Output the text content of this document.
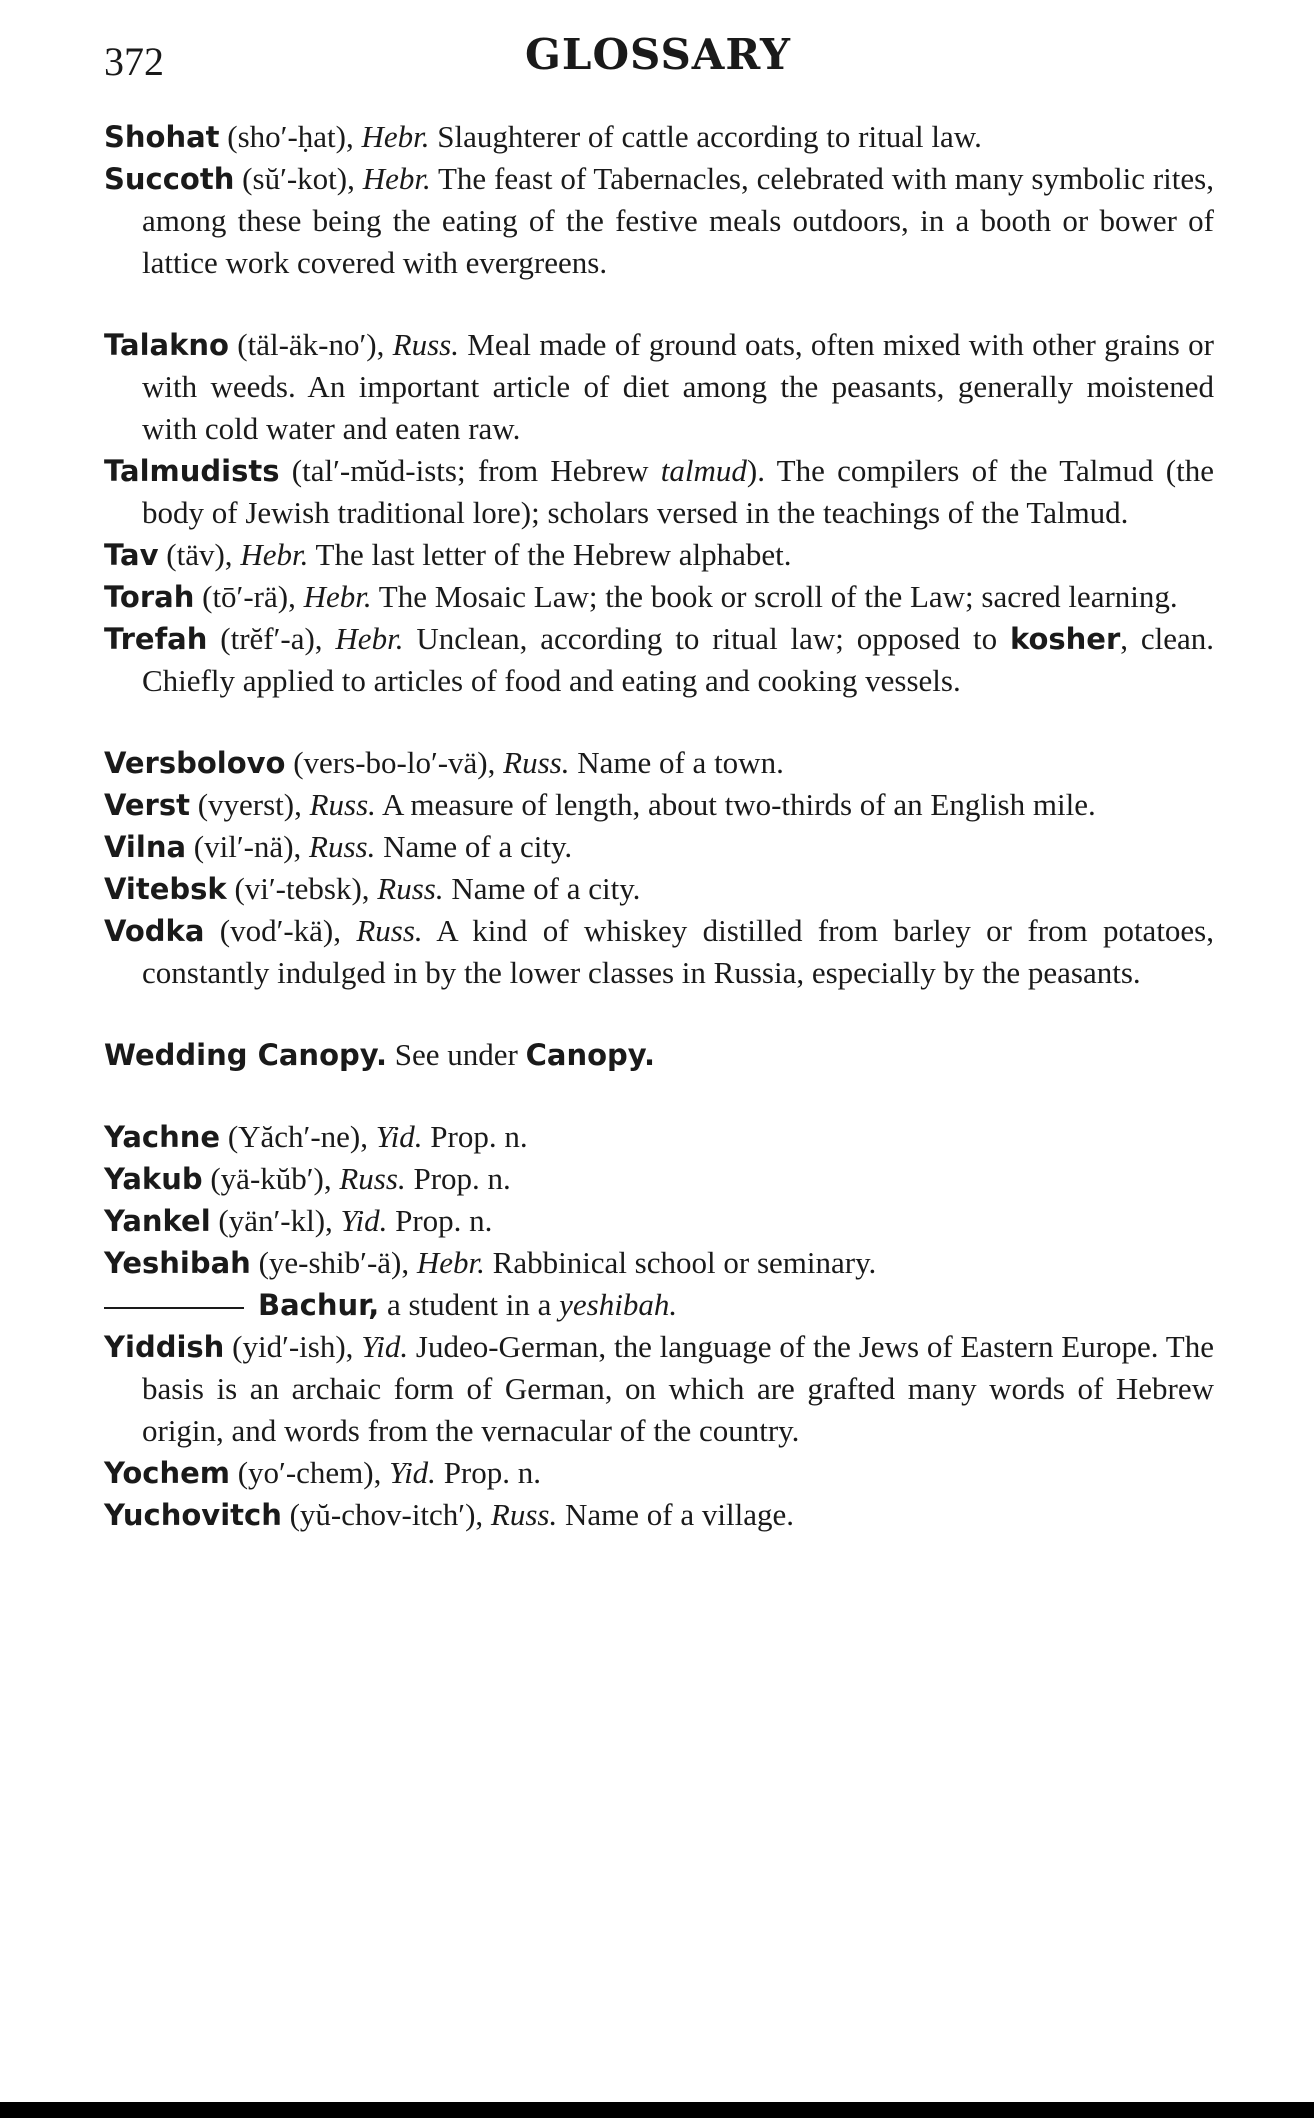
372	GLOSSARY

Shohat (sho′-ḥat), Hebr. Slaughterer of cattle according to ritual law.

Succoth (sŭ′-kot), Hebr. The feast of Tabernacles, celebrated with many symbolic rites, among these being the eating of the festive meals outdoors, in a booth or bower of lattice work covered with evergreens.

Talakno (täl-äk-no′), Russ. Meal made of ground oats, often mixed with other grains or with weeds. An important article of diet among the peasants, generally moistened with cold water and eaten raw.

Talmudists (tal′-mŭd-ists; from Hebrew talmud). The compilers of the Talmud (the body of Jewish traditional lore); scholars versed in the teachings of the Talmud.

Tav (täv), Hebr. The last letter of the Hebrew alphabet.

Torah (tō′-rä), Hebr. The Mosaic Law; the book or scroll of the Law; sacred learning.

Trefah (trĕf′-a), Hebr. Unclean, according to ritual law; opposed to kosher, clean. Chiefly applied to articles of food and eating and cooking vessels.

Versbolovo (vers-bo-lo′-vä), Russ. Name of a town.

Verst (vyerst), Russ. A measure of length, about two-thirds of an English mile.

Vilna (vil′-nä), Russ. Name of a city.

Vitebsk (vi′-tebsk), Russ. Name of a city.

Vodka (vod′-kä), Russ. A kind of whiskey distilled from barley or from potatoes, constantly indulged in by the lower classes in Russia, especially by the peasants.

Wedding Canopy. See under Canopy.

Yachne (Yăch′-ne), Yid. Prop. n.

Yakub (yä-kŭb′), Russ. Prop. n.

Yankel (yän′-kl), Yid. Prop. n.

Yeshibah (ye-shib′-ä), Hebr. Rabbinical school or seminary.

Bachur, a student in a yeshibah.

Yiddish (yid′-ish), Yid. Judeo-German, the language of the Jews of Eastern Europe. The basis is an archaic form of German, on which are grafted many words of Hebrew origin, and words from the vernacular of the country.

Yochem (yo′-chem), Yid. Prop. n.

Yuchovitch (yŭ-chov-itch′), Russ. Name of a village.
